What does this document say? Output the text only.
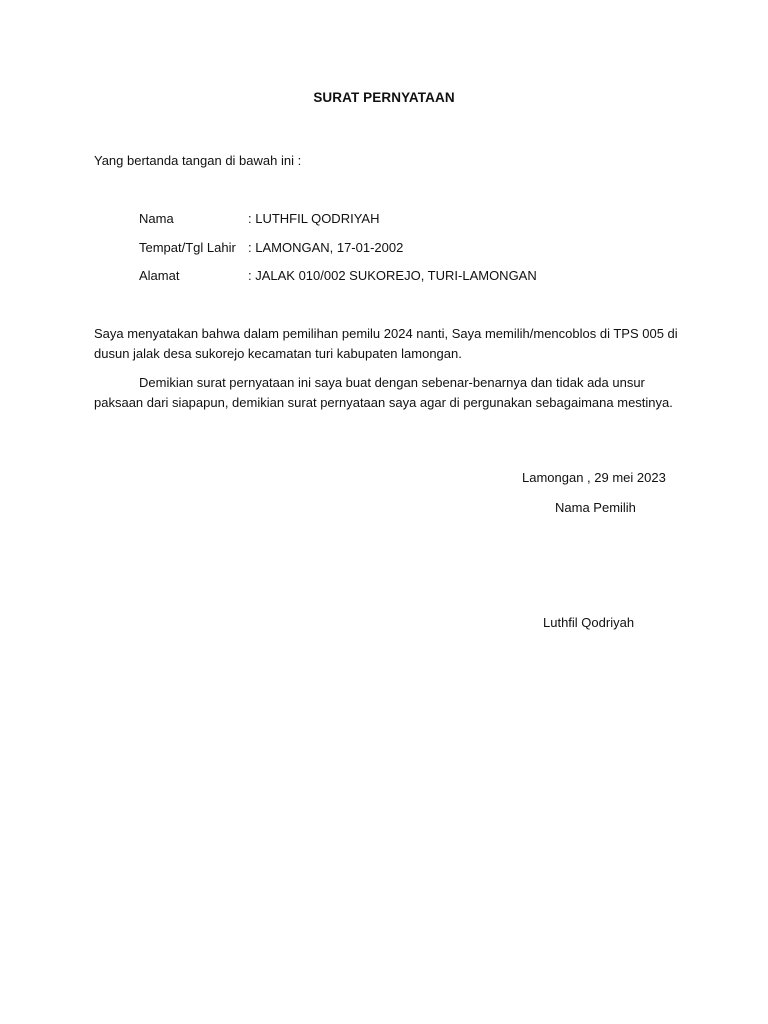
SURAT PERNYATAAN
Yang bertanda tangan di bawah ini :
Nama	: LUTHFIL QODRIYAH
Tempat/Tgl Lahir : LAMONGAN, 17-01-2002
Alamat	: JALAK 010/002 SUKOREJO, TURI-LAMONGAN
Saya menyatakan bahwa dalam pemilihan pemilu 2024 nanti, Saya memilih/mencoblos di TPS 005 di dusun jalak desa sukorejo kecamatan turi kabupaten lamongan.
Demikian surat pernyataan ini saya buat dengan sebenar-benarnya dan tidak ada unsur paksaan dari siapapun, demikian surat pernyataan saya agar di pergunakan sebagaimana mestinya.
Lamongan , 29 mei 2023
Nama Pemilih
Luthfil Qodriyah
